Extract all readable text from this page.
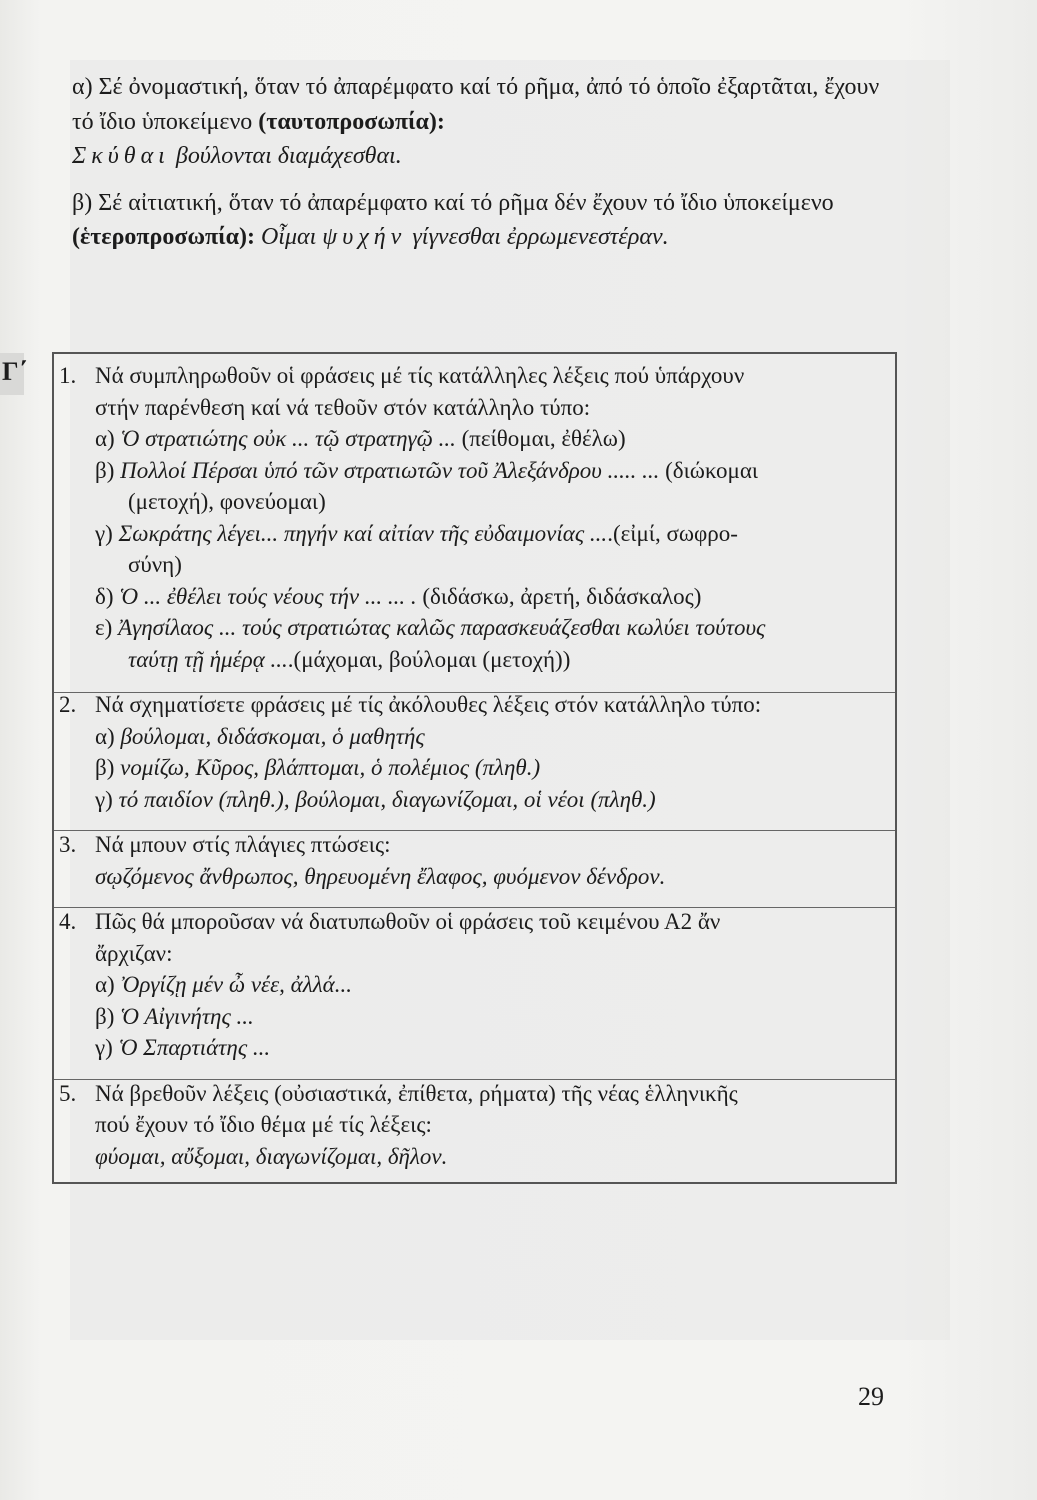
α) Σέ ὀνομαστική, ὅταν τό ἀπαρέμφατο καί τό ρῆμα, ἀπό τό ὁποῖο ἐξαρτᾶται, ἔχουν τό ἴδιο ὑποκείμενο (ταυτοπροσωπία):
Σκύθαι βούλονται διαμάχεσθαι.

β) Σέ αἰτιατική, ὅταν τό ἀπαρέμφατο καί τό ρῆμα δέν ἔχουν τό ἴδιο ὑποκείμενο (ἑτεροπροσωπία): Οἶμαι ψυχήν γίγνεσθαι ἐρρωμενεστέραν.

Γ΄ 1. Νά συμπληρωθοῦν οἱ φράσεις μέ τίς κατάλληλες λέξεις πού ὑπάρχουν
στήν παρένθεση καί νά τεθοῦν στόν κατάλληλο τύπο:
α) Ὁ στρατιώτης οὐκ ... τῷ στρατηγῷ ... (πείθομαι, ἐθέλω)
β) Πολλοί Πέρσαι ὑπό τῶν στρατιωτῶν τοῦ Ἀλεξάνδρου ..... ... (διώκομαι
(μετοχή), φονεύομαι)
γ) Σωκράτης λέγει... πηγήν καί αἰτίαν τῆς εὐδαιμονίας ....(εἰμί, σωφρο-
σύνη)
δ) Ὁ ... ἐθέλει τούς νέους τήν ... ... . (διδάσκω, ἀρετή, διδάσκαλος)
ε) Ἀγησίλαος ... τούς στρατιώτας καλῶς παρασκευάζεσθαι κωλύει τούτους
ταύτῃ τῇ ἡμέρᾳ ....(μάχομαι, βούλομαι (μετοχή))
2. Νά σχηματίσετε φράσεις μέ τίς ἀκόλουθες λέξεις στόν κατάλληλο τύπο:
α) βούλομαι, διδάσκομαι, ὁ μαθητής
β) νομίζω, Κῦρος, βλάπτομαι, ὁ πολέμιος (πληθ.)
γ) τό παιδίον (πληθ.), βούλομαι, διαγωνίζομαι, οἱ νέοι (πληθ.)
3. Νά μπουν στίς πλάγιες πτώσεις:
σῳζόμενος ἄνθρωπος, θηρευομένη ἔλαφος, φυόμενον δένδρον.
4. Πῶς θά μποροῦσαν νά διατυπωθοῦν οἱ φράσεις τοῦ κειμένου Α2 ἄν
ἄρχιζαν:
α) Ὀργίζῃ μέν ὦ νέε, ἀλλά...
β) Ὁ Αἰγινήτης ...
γ) Ὁ Σπαρτιάτης ...
5. Νά βρεθοῦν λέξεις (οὐσιαστικά, ἐπίθετα, ρήματα) τῆς νέας ἑλληνικῆς
πού ἔχουν τό ἴδιο θέμα μέ τίς λέξεις:
φύομαι, αὔξομαι, διαγωνίζομαι, δῆλον.
29
